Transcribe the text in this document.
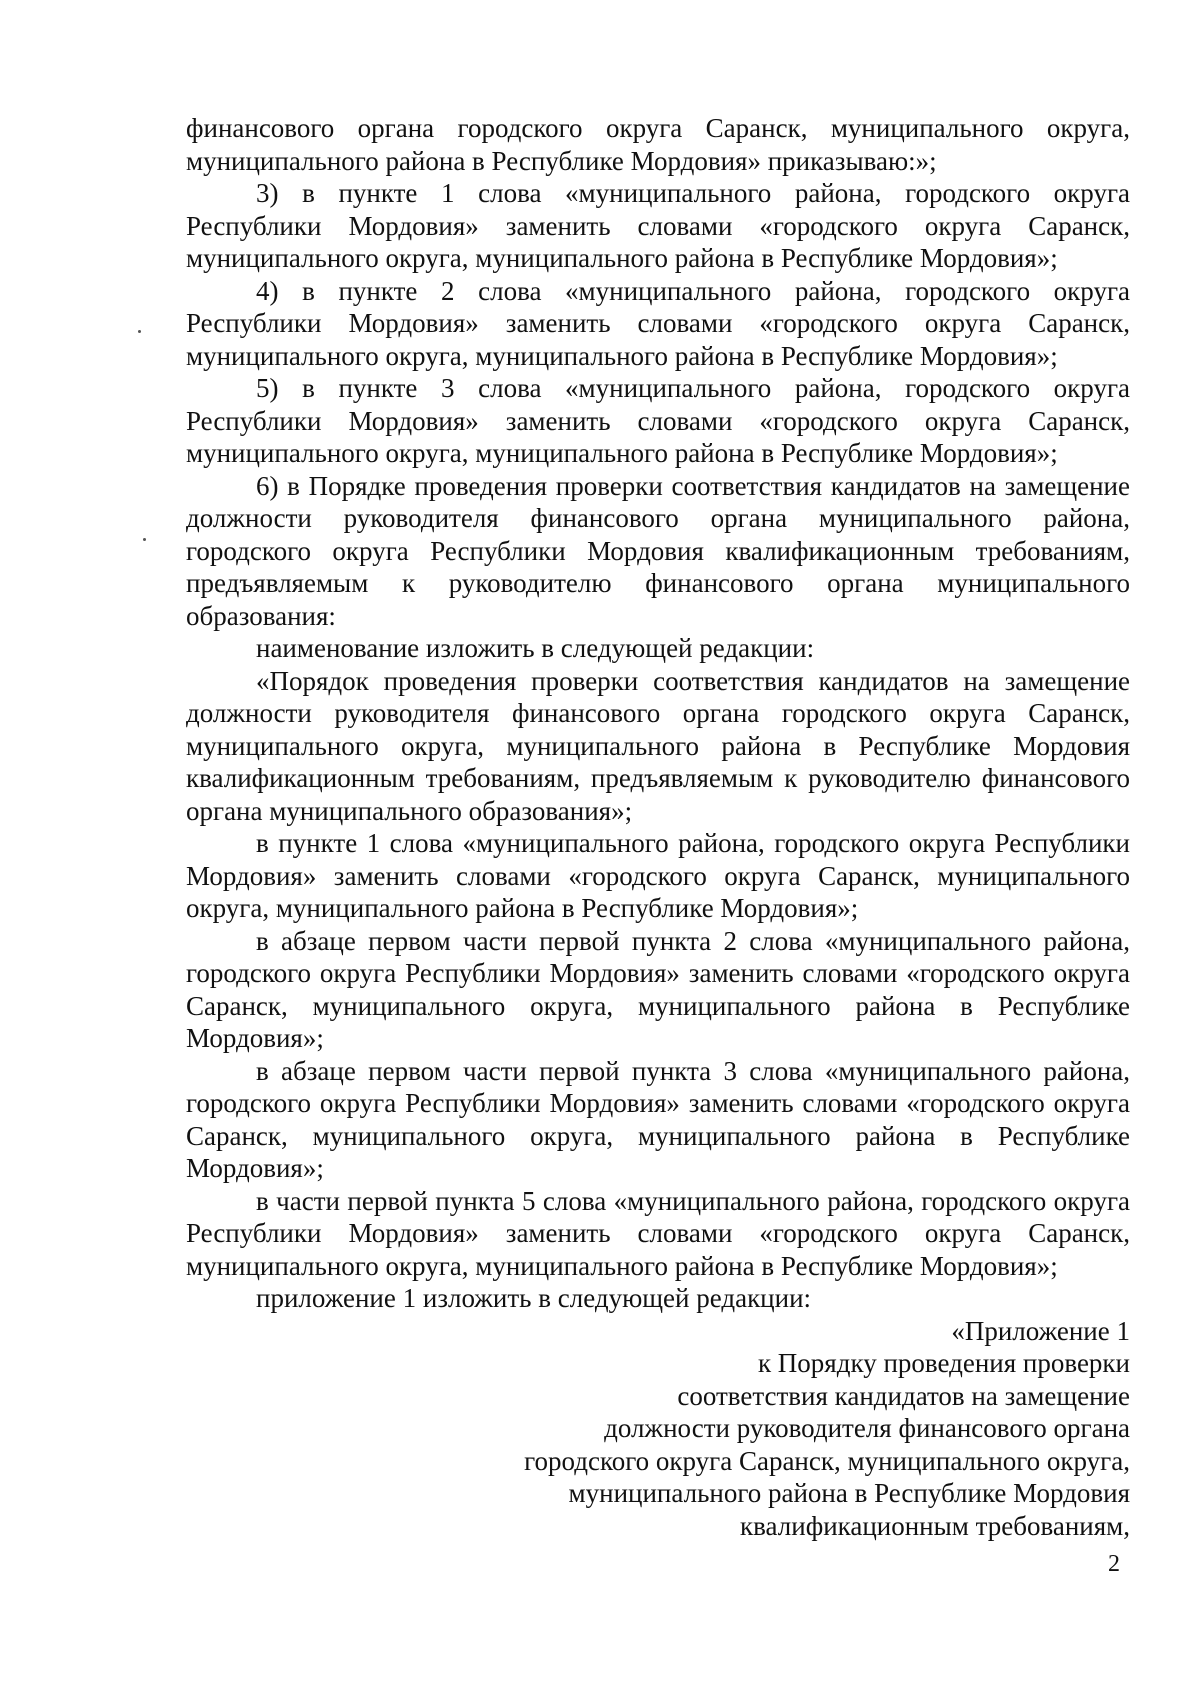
финансового органа городского округа Саранск, муниципального округа, муниципального района в Республике Мордовия» приказываю:»;

3) в пункте 1 слова «муниципального района, городского округа Республики Мордовия» заменить словами «городского округа Саранск, муниципального округа, муниципального района в Республике Мордовия»;

4) в пункте 2 слова «муниципального района, городского округа Республики Мордовия» заменить словами «городского округа Саранск, муниципального округа, муниципального района в Республике Мордовия»;

5) в пункте 3 слова «муниципального района, городского округа Республики Мордовия» заменить словами «городского округа Саранск, муниципального округа, муниципального района в Республике Мордовия»;

6) в Порядке проведения проверки соответствия кандидатов на замещение должности руководителя финансового органа муниципального района, городского округа Республики Мордовия квалификационным требованиям, предъявляемым к руководителю финансового органа муниципального образования:

наименование изложить в следующей редакции:

«Порядок проведения проверки соответствия кандидатов на замещение должности руководителя финансового органа городского округа Саранск, муниципального округа, муниципального района в Республике Мордовия квалификационным требованиям, предъявляемым к руководителю финансового органа муниципального образования»;

в пункте 1 слова «муниципального района, городского округа Республики Мордовия» заменить словами «городского округа Саранск, муниципального округа, муниципального района в Республике Мордовия»;

в абзаце первом части первой пункта 2 слова «муниципального района, городского округа Республики Мордовия» заменить словами «городского округа Саранск, муниципального округа, муниципального района в Республике Мордовия»;

в абзаце первом части первой пункта 3 слова «муниципального района, городского округа Республики Мордовия» заменить словами «городского округа Саранск, муниципального округа, муниципального района в Республике Мордовия»;

в части первой пункта 5 слова «муниципального района, городского округа Республики Мордовия» заменить словами «городского округа Саранск, муниципального округа, муниципального района в Республике Мордовия»;

приложение 1 изложить в следующей редакции:

«Приложение 1
к Порядку проведения проверки
соответствия кандидатов на замещение
должности руководителя финансового органа
городского округа Саранск, муниципального округа,
муниципального района в Республике Мордовия
квалификационным требованиям,
2
